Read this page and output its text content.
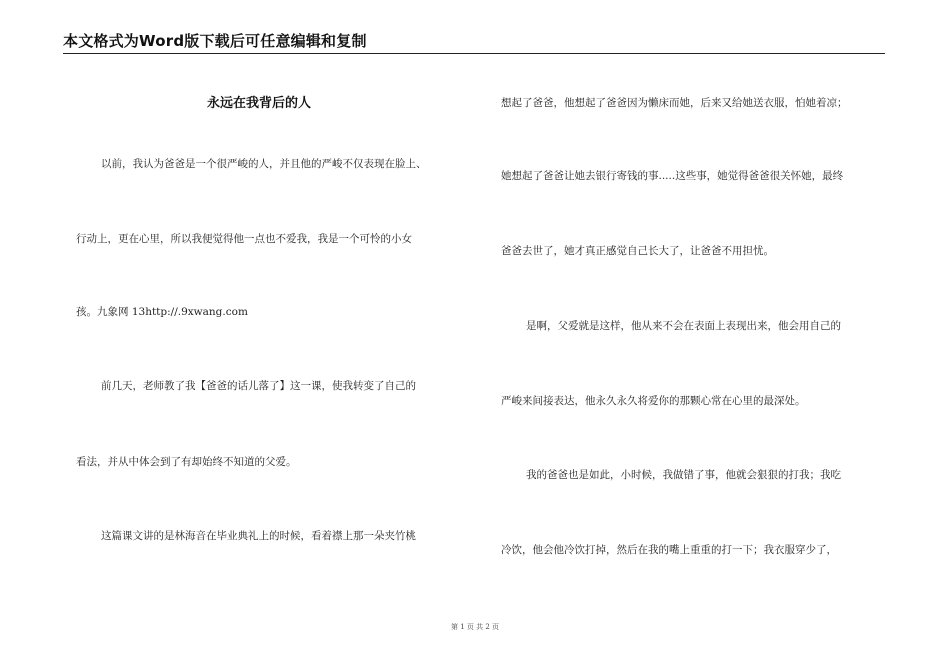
本文格式为Word版下载后可任意编辑和复制
永远在我背后的人
以前，我认为爸爸是一个很严峻的人，并且他的严峻不仅表现在脸上、
行动上，更在心里，所以我便觉得他一点也不爱我，我是一个可怜的小女
孩。九象网 13http://.9xwang.com
前几天，老师教了我【爸爸的话儿落了】这一课，使我转变了自己的
看法，并从中体会到了有却始终不知道的父爱。
这篇课文讲的是林海音在毕业典礼上的时候，看着襟上那一朵夹竹桃
想起了爸爸，他想起了爸爸因为懒床而她，后来又给她送衣服，怕她着凉；
她想起了爸爸让她去银行寄钱的事.....这些事，她觉得爸爸很关怀她，最终
爸爸去世了，她才真正感觉自己长大了，让爸爸不用担忧。
是啊，父爱就是这样，他从来不会在表面上表现出来，他会用自己的
严峻来间接表达，他永久永久将爱你的那颗心常在心里的最深处。
我的爸爸也是如此，小时候，我做错了事，他就会狠狠的打我；我吃
冷饮，他会他冷饮打掉，然后在我的嘴上重重的打一下；我衣服穿少了，
第 1 页 共 2 页
